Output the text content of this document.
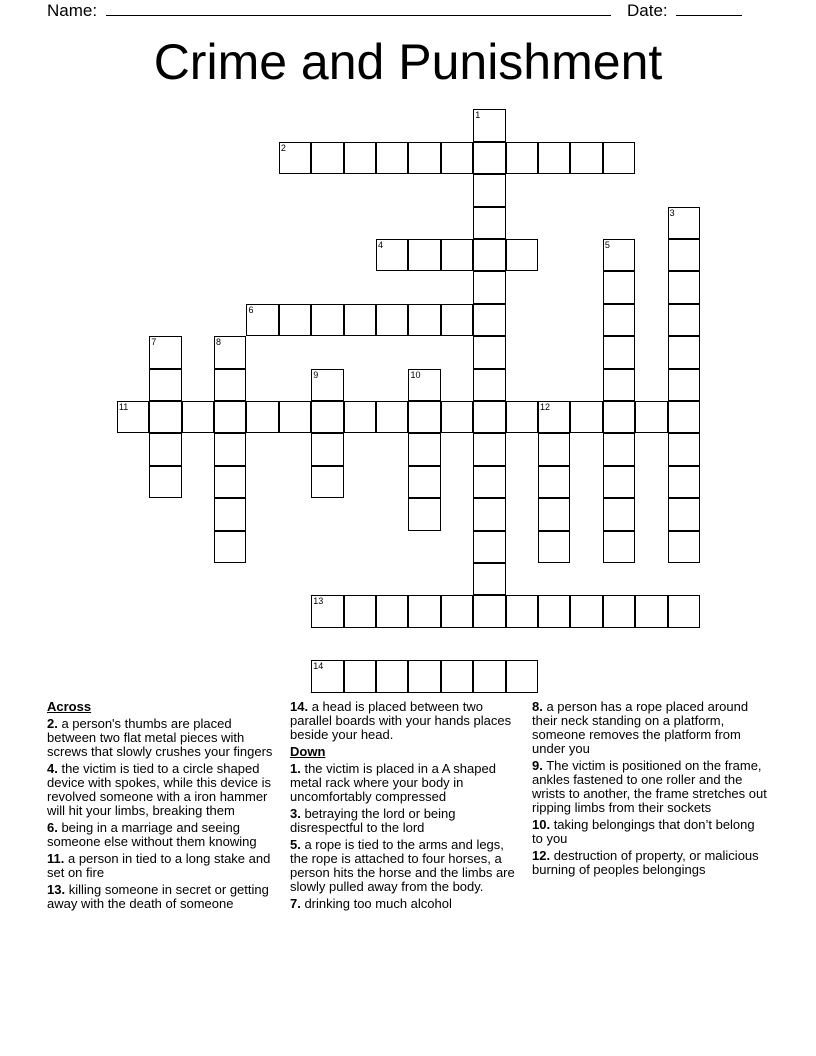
Name:	Date:
Crime and Punishment
1
2
3
4	5
6
7	8
9	10
11	12
13
14
Across
2. a person's thumbs are placed between two flat metal pieces with screws that slowly crushes your fingers
4. the victim is tied to a circle shaped device with spokes, while this device is revolved someone with a iron hammer will hit your limbs, breaking them
6. being in a marriage and seeing someone else without them knowing
11. a person in tied to a long stake and set on fire
13. killing someone in secret or getting away with the death of someone
14. a head is placed between two parallel boards with your hands places beside your head.
Down
1. the victim is placed in a A shaped metal rack where your body in uncomfortably compressed
3. betraying the lord or being disrespectful to the lord
5. a rope is tied to the arms and legs, the rope is attached to four horses, a person hits the horse and the limbs are slowly pulled away from the body.
7. drinking too much alcohol
8. a person has a rope placed around their neck standing on a platform, someone removes the platform from under you
9. The victim is positioned on the frame, ankles fastened to one roller and the wrists to another, the frame stretches out ripping limbs from their sockets
10. taking belongings that don’t belong to you
12. destruction of property, or malicious burning of peoples belongings
